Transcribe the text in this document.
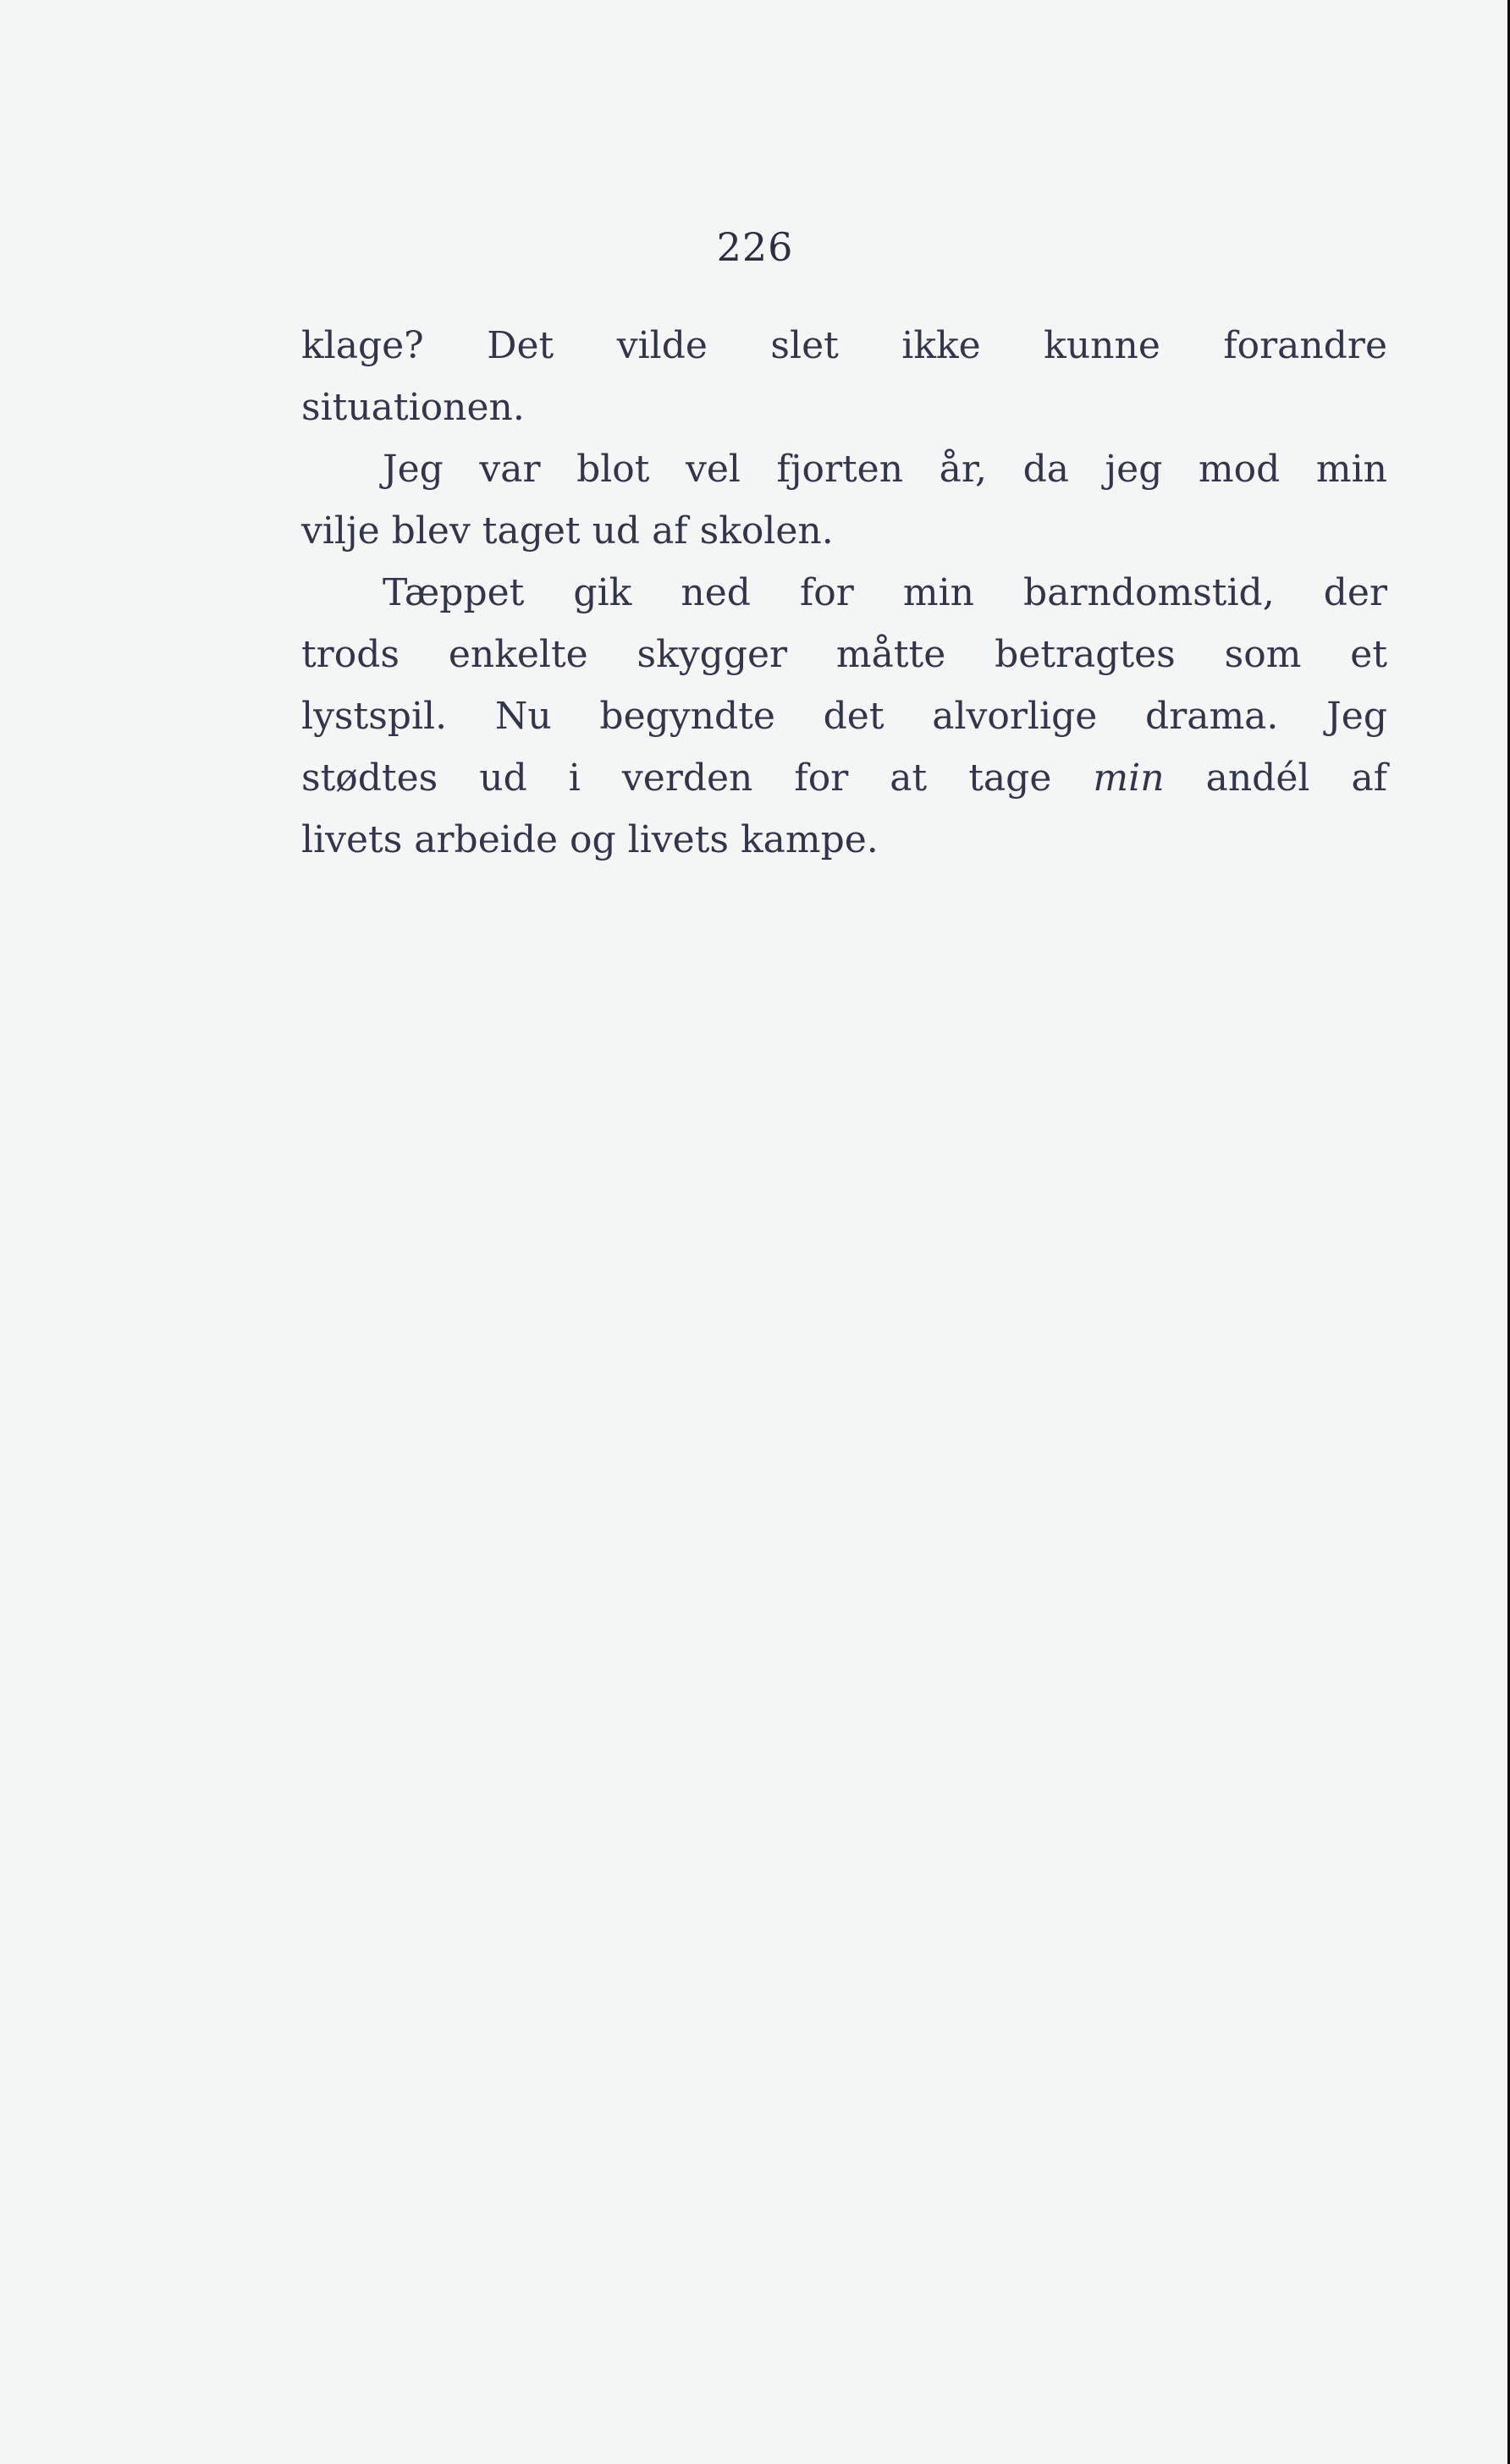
226
klage? Det vilde slet ikke kunne forandre
situationen.
Jeg var blot vel fjorten år, da jeg mod min
vilje blev taget ud af skolen.
Tæppet gik ned for min barndomstid, der
trods enkelte skygger måtte betragtes som et
lystspil. Nu begyndte det alvorlige drama. Jeg
stødtes ud i verden for at tage min andél af
livets arbeide og livets kampe.
